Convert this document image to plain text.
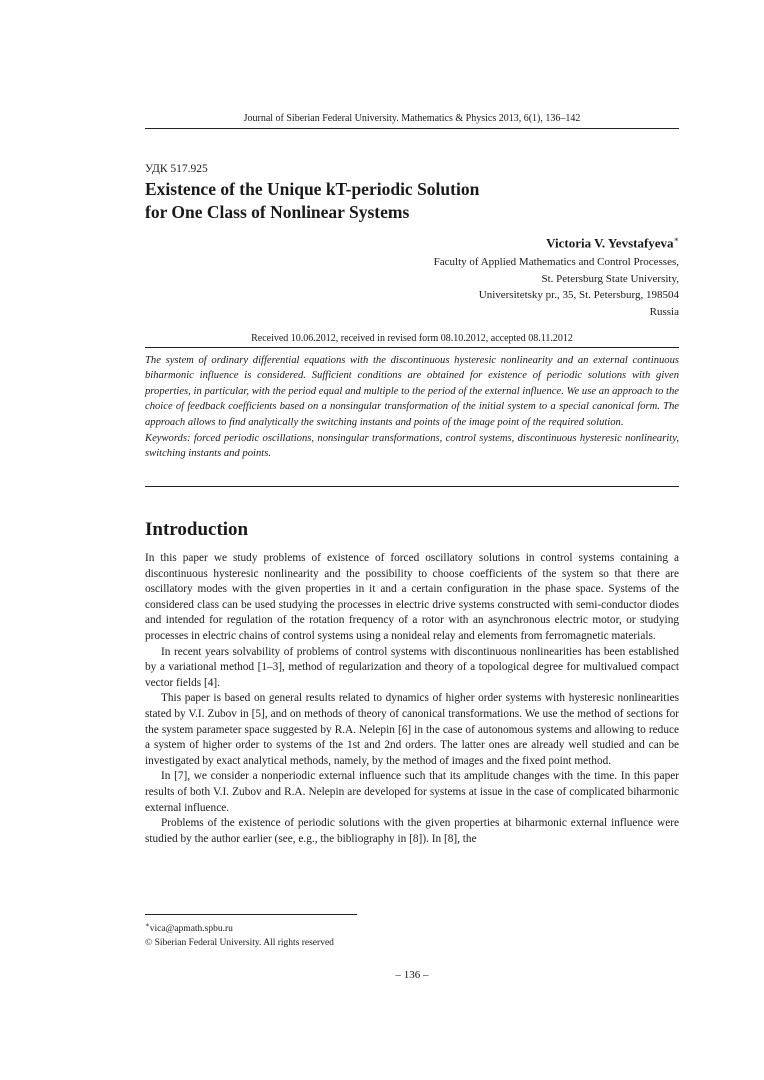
Journal of Siberian Federal University. Mathematics & Physics 2013, 6(1), 136–142
УДК 517.925
Existence of the Unique kT-periodic Solution
for One Class of Nonlinear Systems
Victoria V. Yevstafyeva∗
Faculty of Applied Mathematics and Control Processes,
St. Petersburg State University,
Universitetsky pr., 35, St. Petersburg, 198504
Russia
Received 10.06.2012, received in revised form 08.10.2012, accepted 08.11.2012

The system of ordinary differential equations with the discontinuous hysteresic nonlinearity and an external continuous biharmonic influence is considered. Sufficient conditions are obtained for existence of periodic solutions with given properties, in particular, with the period equal and multiple to the period of the external influence. We use an approach to the choice of feedback coefficients based on a nonsingular transformation of the initial system to a special canonical form. The approach allows to find analytically the switching instants and points of the image point of the required solution.

Keywords: forced periodic oscillations, nonsingular transformations, control systems, discontinuous hysteresic nonlinearity, switching instants and points.

Introduction

In this paper we study problems of existence of forced oscillatory solutions in control systems containing a discontinuous hysteresic nonlinearity and the possibility to choose coefficients of the system so that there are oscillatory modes with the given properties in it and a certain configuration in the phase space. Systems of the considered class can be used studying the processes in electric drive systems constructed with semi-conductor diodes and intended for regulation of the rotation frequency of a rotor with an asynchronous electric motor, or studying processes in electric chains of control systems using a nonideal relay and elements from ferromagnetic materials.

In recent years solvability of problems of control systems with discontinuous nonlinearities has been established by a variational method [1–3], method of regularization and theory of a topological degree for multivalued compact vector fields [4].

This paper is based on general results related to dynamics of higher order systems with hysteresic nonlinearities stated by V.I. Zubov in [5], and on methods of theory of canonical transformations. We use the method of sections for the system parameter space suggested by R.A. Nelepin [6] in the case of autonomous systems and allowing to reduce a system of higher order to systems of the 1st and 2nd orders. The latter ones are already well studied and can be investigated by exact analytical methods, namely, by the method of images and the fixed point method.

In [7], we consider a nonperiodic external influence such that its amplitude changes with the time. In this paper results of both V.I. Zubov and R.A. Nelepin are developed for systems at issue in the case of complicated biharmonic external influence.

Problems of the existence of periodic solutions with the given properties at biharmonic external influence were studied by the author earlier (see, e.g., the bibliography in [8]). In [8], the

∗vica@apmath.spbu.ru
© Siberian Federal University. All rights reserved
– 136 –
